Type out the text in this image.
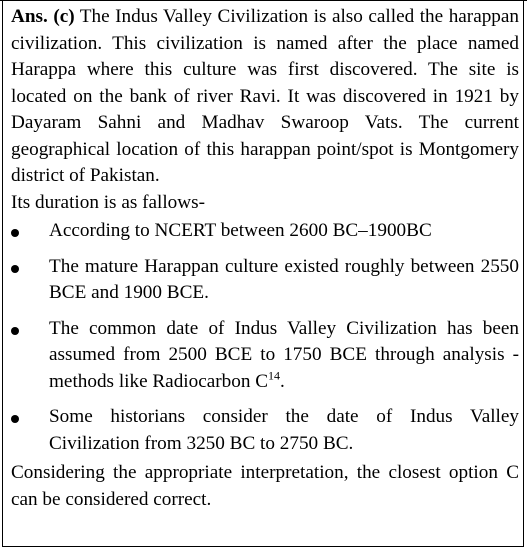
Ans. (c) The Indus Valley Civilization is also called the harappan civilization. This civilization is named after the place named Harappa where this culture was first discovered. The site is located on the bank of river Ravi. It was discovered in 1921 by Dayaram Sahni and Madhav Swaroop Vats. The current geographical location of this harappan point/spot is Montgomery district of Pakistan.

Its duration is as fallows-

According to NCERT between 2600 BC–1900BC
The mature Harappan culture existed roughly between 2550 BCE and 1900 BCE.
The common date of Indus Valley Civilization has been assumed from 2500 BCE to 1750 BCE through analysis - methods like Radiocarbon $C^{14}$.
Some historians consider the date of Indus Valley Civilization from 3250 BC to 2750 BC.

Considering the appropriate interpretation, the closest option C can be considered correct.
